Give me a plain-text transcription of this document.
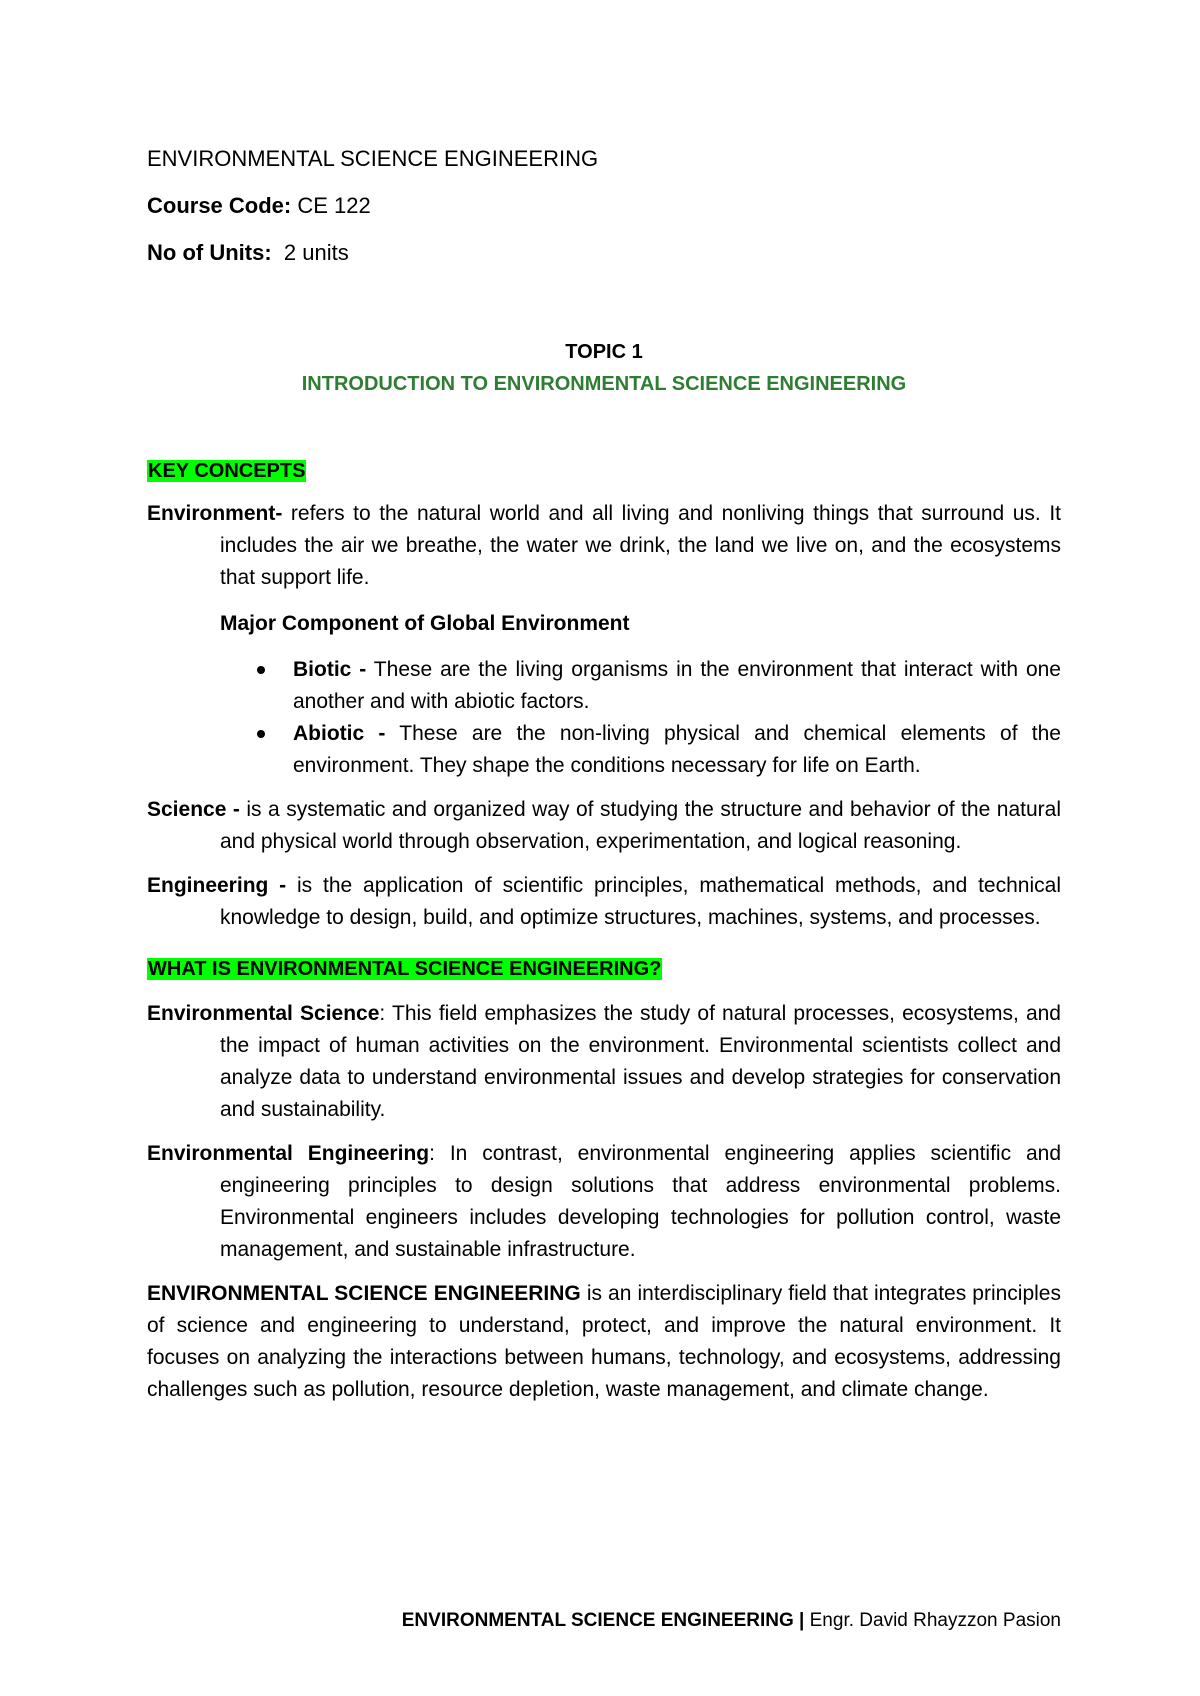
ENVIRONMENTAL SCIENCE ENGINEERING

Course Code: CE 122

No of Units:  2 units

TOPIC 1
INTRODUCTION TO ENVIRONMENTAL SCIENCE ENGINEERING

KEY CONCEPTS

Environment- refers to the natural world and all living and nonliving things that surround us. It includes the air we breathe, the water we drink, the land we live on, and the ecosystems that support life.

Major Component of Global Environment

Biotic - These are the living organisms in the environment that interact with one another and with abiotic factors.
Abiotic - These are the non-living physical and chemical elements of the environment. They shape the conditions necessary for life on Earth.

Science - is a systematic and organized way of studying the structure and behavior of the natural and physical world through observation, experimentation, and logical reasoning.

Engineering - is the application of scientific principles, mathematical methods, and technical knowledge to design, build, and optimize structures, machines, systems, and processes.

WHAT IS ENVIRONMENTAL SCIENCE ENGINEERING?

Environmental Science: This field emphasizes the study of natural processes, ecosystems, and the impact of human activities on the environment. Environmental scientists collect and analyze data to understand environmental issues and develop strategies for conservation and sustainability.

Environmental Engineering: In contrast, environmental engineering applies scientific and engineering principles to design solutions that address environmental problems. Environmental engineers includes developing technologies for pollution control, waste management, and sustainable infrastructure.

ENVIRONMENTAL SCIENCE ENGINEERING is an interdisciplinary field that integrates principles of science and engineering to understand, protect, and improve the natural environment. It focuses on analyzing the interactions between humans, technology, and ecosystems, addressing challenges such as pollution, resource depletion, waste management, and climate change.

ENVIRONMENTAL SCIENCE ENGINEERING | Engr. David Rhayzzon Pasion
